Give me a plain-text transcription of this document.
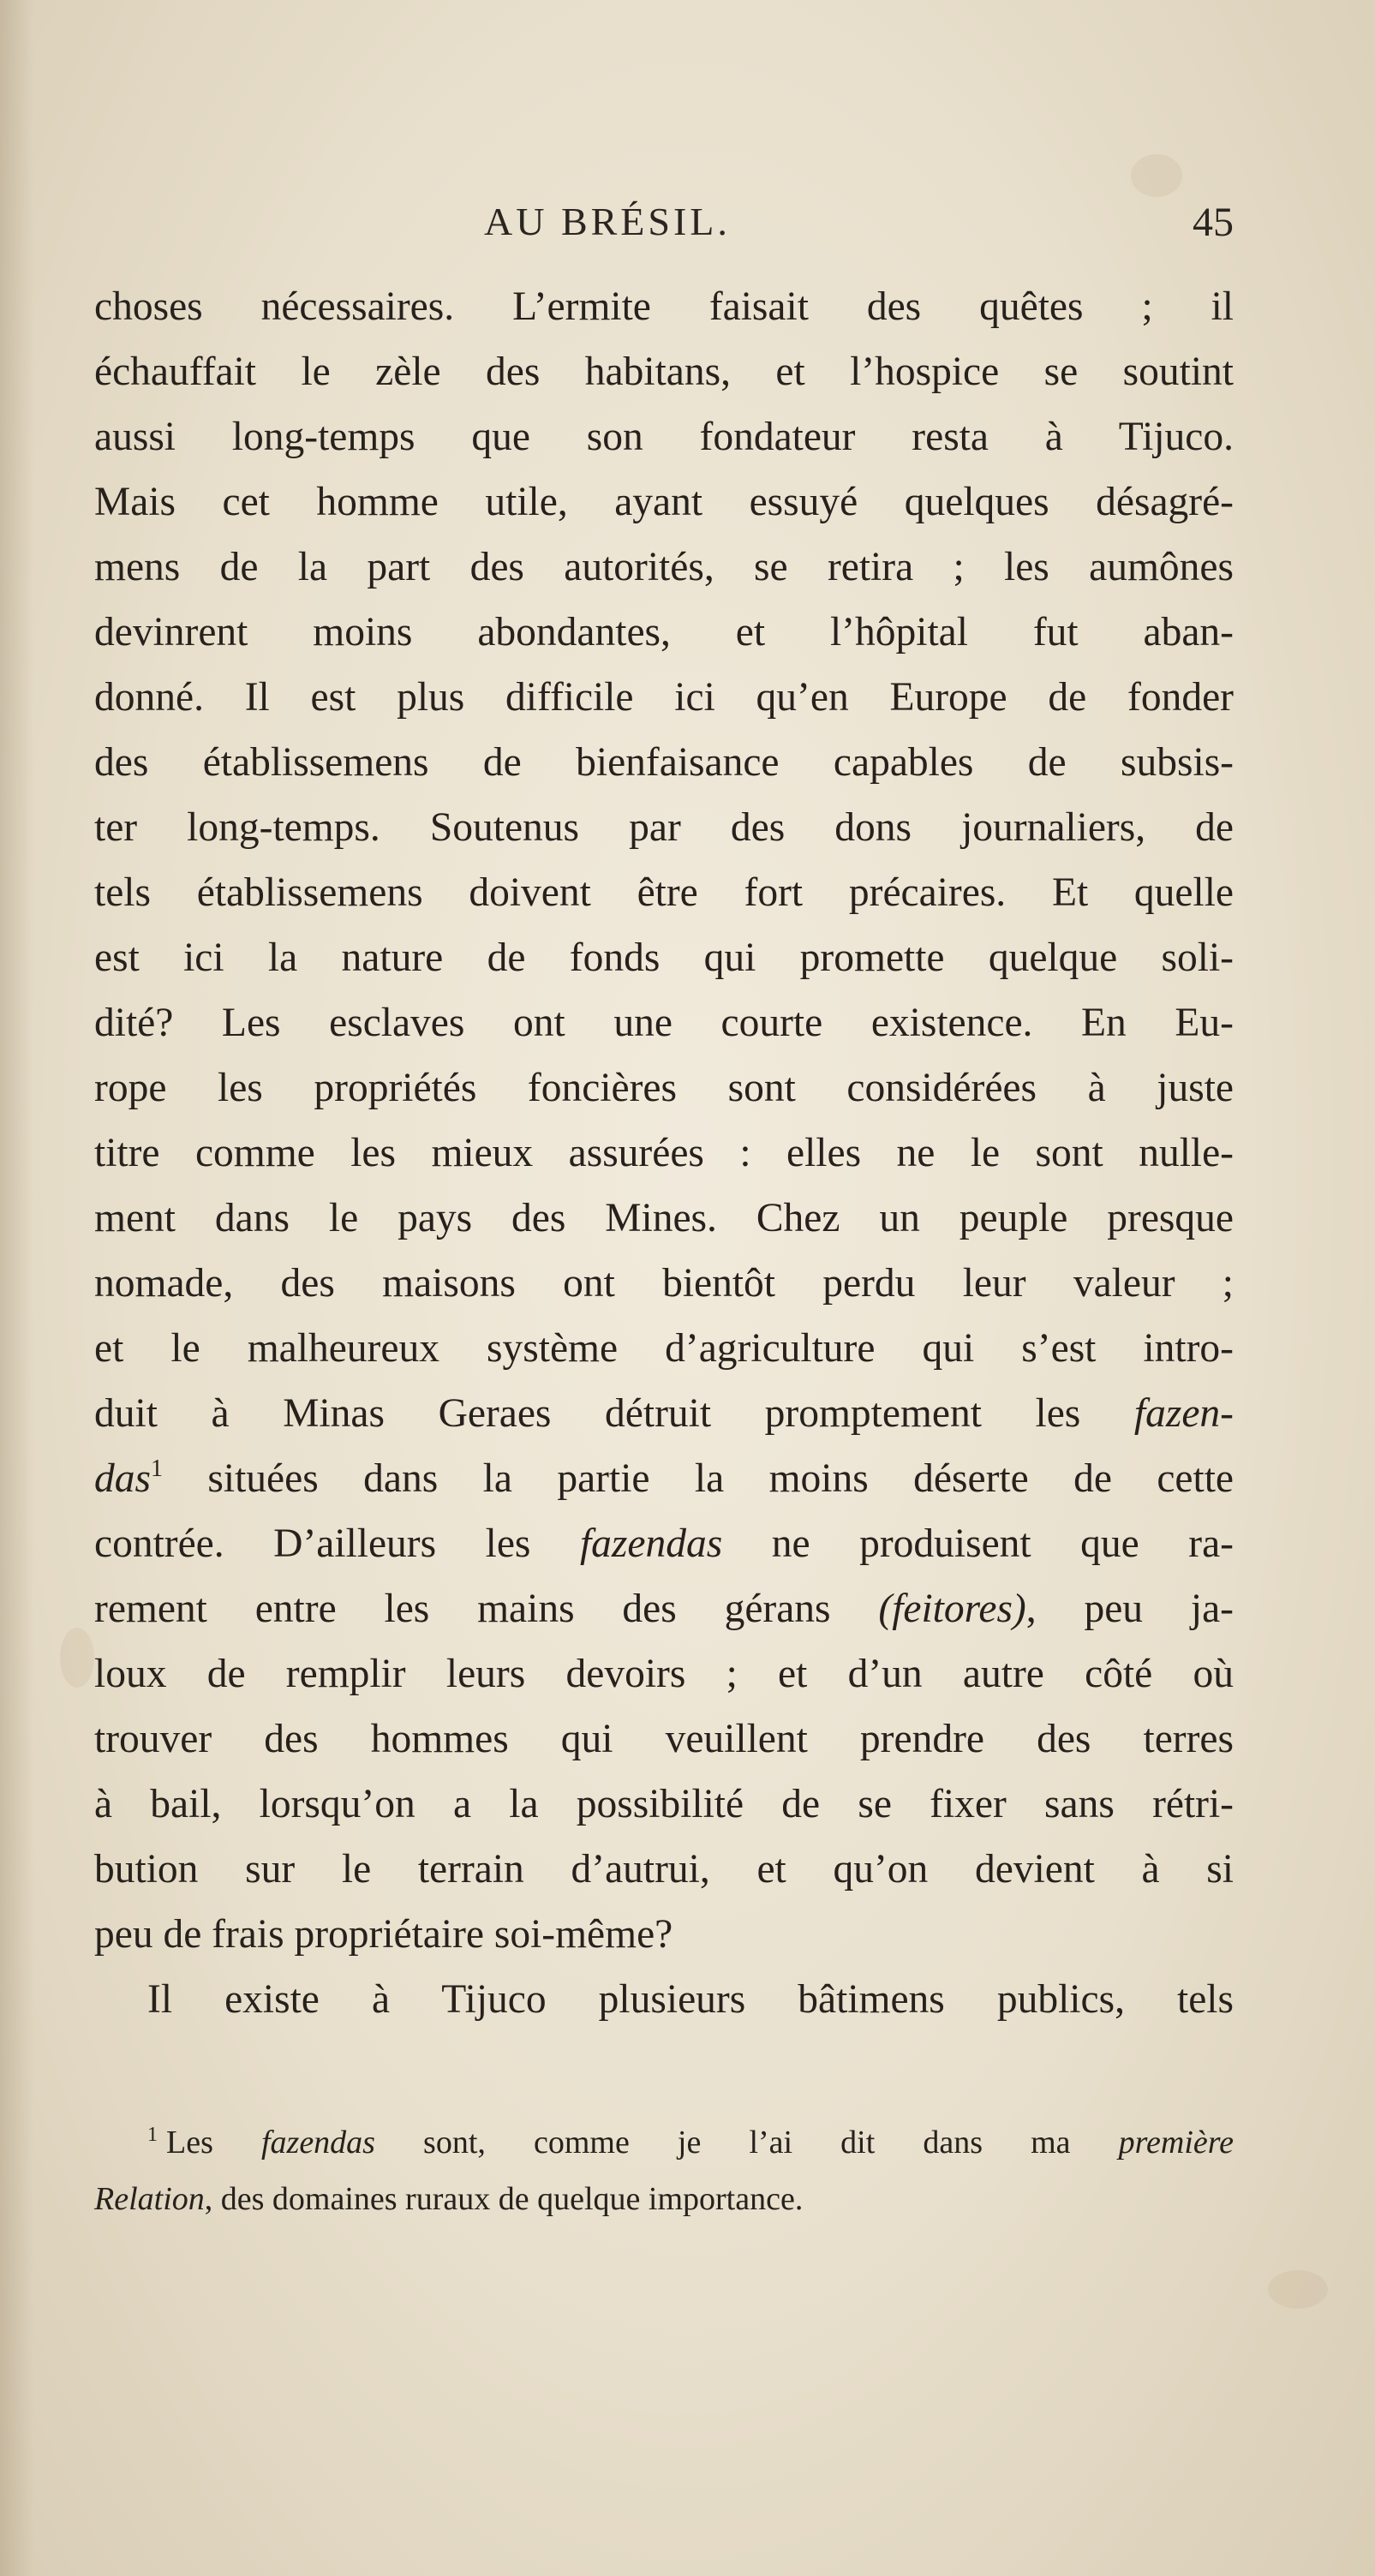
AU BRÉSIL.	45
choses nécessaires. L’ermite faisait des quêtes ; il
échauffait le zèle des habitans, et l’hospice se soutint
aussi long-temps que son fondateur resta à Tijuco.
Mais cet homme utile, ayant essuyé quelques désagré-
mens de la part des autorités, se retira ; les aumônes
devinrent moins abondantes, et l’hôpital fut aban-
donné. Il est plus difficile ici qu’en Europe de fonder
des établissemens de bienfaisance capables de subsis-
ter long-temps. Soutenus par des dons journaliers, de
tels établissemens doivent être fort précaires. Et quelle
est ici la nature de fonds qui promette quelque soli-
dité? Les esclaves ont une courte existence. En Eu-
rope les propriétés foncières sont considérées à juste
titre comme les mieux assurées : elles ne le sont nulle-
ment dans le pays des Mines. Chez un peuple presque
nomade, des maisons ont bientôt perdu leur valeur ;
et le malheureux système d’agriculture qui s’est intro-
duit à Minas Geraes détruit promptement les fazen-
das$^1$ situées dans la partie la moins déserte de cette
contrée. D’ailleurs les fazendas ne produisent que ra-
rement entre les mains des gérans (feitores), peu ja-
loux de remplir leurs devoirs ; et d’un autre côté où
trouver des hommes qui veuillent prendre des terres
à bail, lorsqu’on a la possibilité de se fixer sans rétri-
bution sur le terrain d’autrui, et qu’on devient à si
peu de frais propriétaire soi-même?
Il existe à Tijuco plusieurs bâtimens publics, tels
$^1$ Les fazendas sont, comme je l’ai dit dans ma première
Relation, des domaines ruraux de quelque importance.
